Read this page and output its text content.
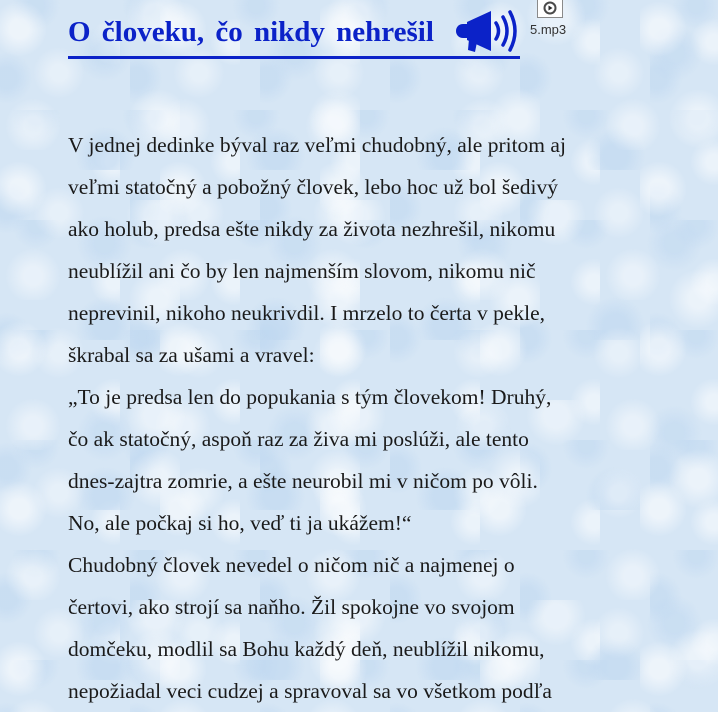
O človeku, čo nikdy nehrešil	5.mp3
V jednej dedinke býval raz veľmi chudobný, ale pritom aj
veľmi statočný a pobožný človek, lebo hoc už bol šedivý
ako holub, predsa ešte nikdy za života nezhrešil, nikomu
neublížil ani čo by len najmenším slovom, nikomu nič
neprevinil, nikoho neukrivdil. I mrzelo to čerta v pekle,
škrabal sa za ušami a vravel:
„To je predsa len do popukania s tým človekom! Druhý,
čo ak statočný, aspoň raz za živa mi poslúži, ale tento
dnes-zajtra zomrie, a ešte neurobil mi v ničom po vôli.
No, ale počkaj si ho, veď ti ja ukážem!“
Chudobný človek nevedel o ničom nič a najmenej o
čertovi, ako strojí sa naňho. Žil spokojne vo svojom
domčeku, modlil sa Bohu každý deň, neublížil nikomu,
nepožiadal veci cudzej a spravoval sa vo všetkom podľa
